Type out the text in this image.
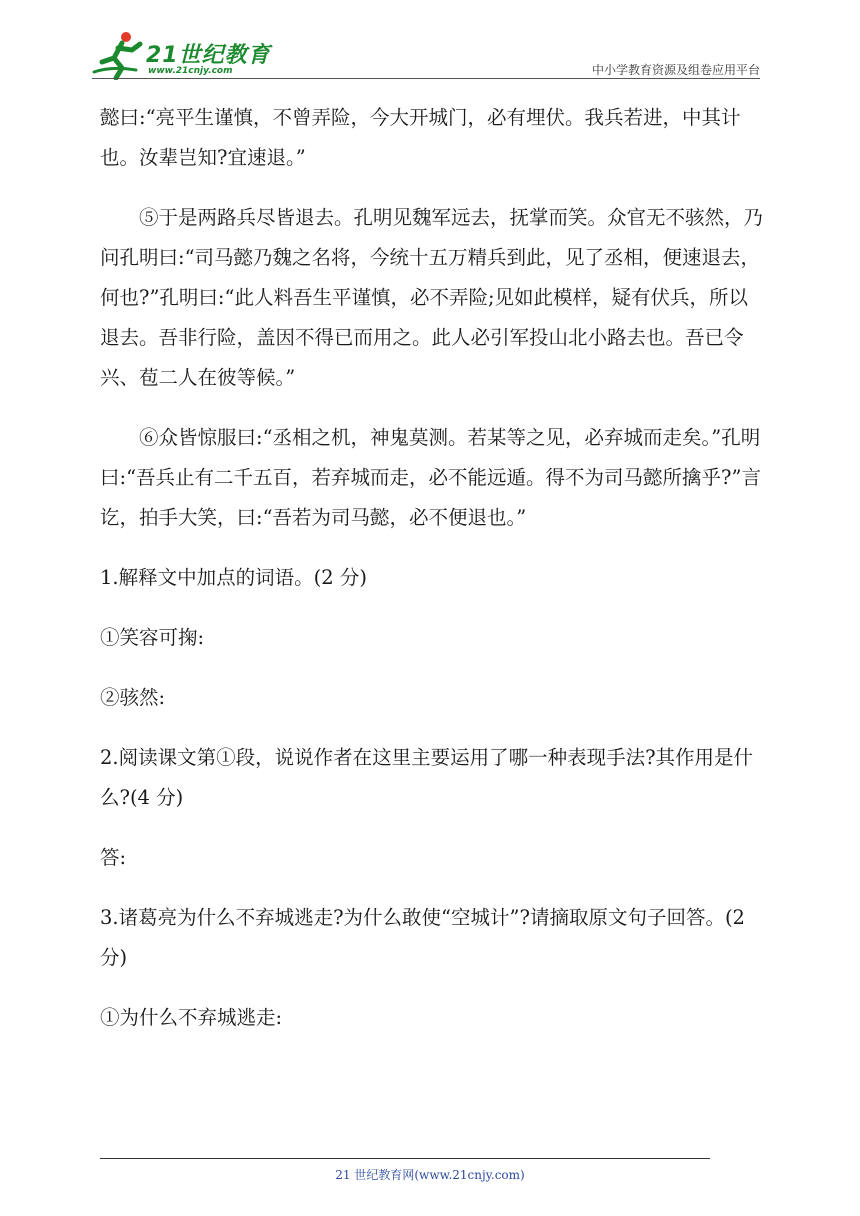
21世纪教育
www.21cnjy.com	中小学教育资源及组卷应用平台

懿曰:“亮平生谨慎，不曾弄险，今大开城门，必有埋伏。我兵若进，中其计也。汝辈岂知?宜速退。”

⑤于是两路兵尽皆退去。孔明见魏军远去，抚掌而笑。众官无不骇然，乃问孔明曰:“司马懿乃魏之名将，今统十五万精兵到此，见了丞相，便速退去，何也?”孔明曰:“此人料吾生平谨慎，必不弄险;见如此模样，疑有伏兵，所以退去。吾非行险，盖因不得已而用之。此人必引军投山北小路去也。吾已令兴、苞二人在彼等候。”

⑥众皆惊服曰:“丞相之机，神鬼莫测。若某等之见，必弃城而走矣。”孔明曰:“吾兵止有二千五百，若弃城而走，必不能远遁。得不为司马懿所擒乎?”言讫，拍手大笑，曰:“吾若为司马懿，必不便退也。”

1.解释文中加点的词语。(2 分)

①笑容可掬:

②骇然:

2.阅读课文第①段，说说作者在这里主要运用了哪一种表现手法?其作用是什么?(4 分)

答:

3.诸葛亮为什么不弃城逃走?为什么敢使“空城计”?请摘取原文句子回答。(2 分)

①为什么不弃城逃走:

21 世纪教育网(www.21cnjy.com)
